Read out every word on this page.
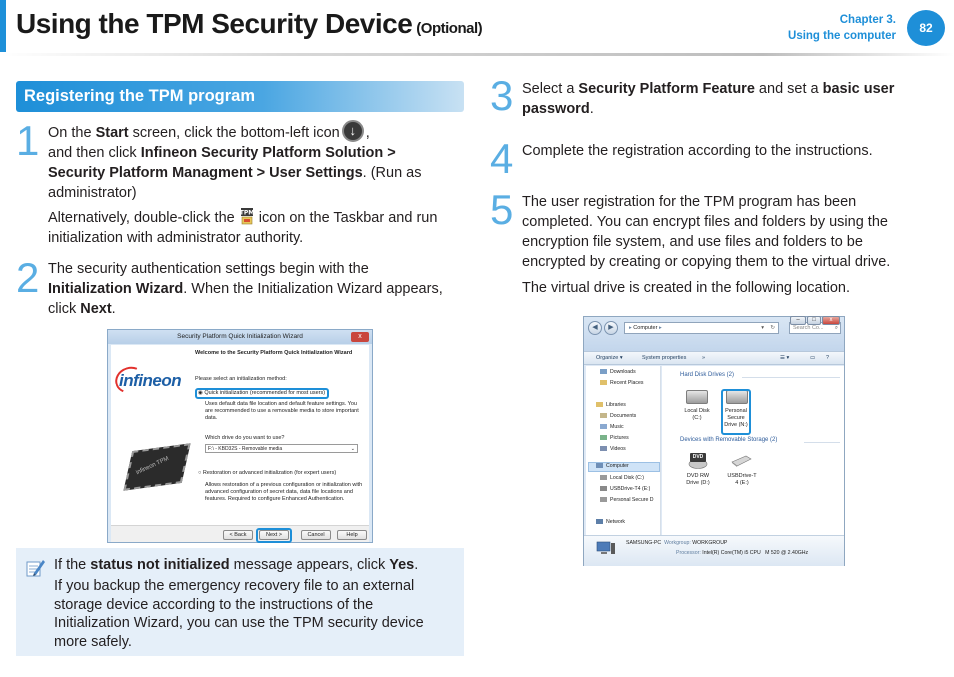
Using the TPM Security Device (Optional)	Chapter 3.
Using the computer
82
Registering the TPM program
1 On the Start screen, click the bottom-left icon↓ ,
and then click Infineon Security Platform Solution > Security Platform Managment > User Settings. (Run as administrator)
Alternatively, double-click the TPM icon on the Taskbar and run initialization with administrator authority.
2 The security authentication settings begin with the Initialization Wizard. When the Initialization Wizard appears, click Next.
Security Platform Quick Initialization Wizard	x
infineon
infineon TPM
Welcome to the Security Platform Quick Initialization Wizard
Please select an initialization method:
◉ Quick initialization (recommended for most users)
Uses default data file location and default feature settings. You are recommended to use a removable media to store important data.
Which drive do you want to use?
F:\ - KBD32S - Removable media	⌄
○ Restoration or advanced initialization (for expert users)
Allows restoration of a previous configuration or initialization with advanced configuration of secret data, data file locations and features. Required to configure Enhanced Authentication.
< Back	Next >	Cancel	Help
If the status not initialized message appears, click Yes.
If you backup the emergency recovery file to an external storage device according to the instructions of the Initialization Wizard, you can use the TPM security device more safely.
3 Select a Security Platform Feature and set a basic user password.
4 Complete the registration according to the instructions.
5 The user registration for the TPM program has been completed. You can encrypt files and folders by using the encryption file system, and use files and folders to be encrypted by creating or copying them to the virtual drive.
The virtual drive is created in the following location.
◀	▶	▸ Computer ▸	▾ ↻	Search Co... ⌕
–	□	x
Organize ▾	System properties	»	☰ ▾	▭ ?
Downloads
Recent Places
Libraries
Documents
Music
Pictures
Videos
Computer
Local Disk (C:)
USBDrive-T4 (E:)
Personal Secure D
Network
Hard Disk Drives (2)
Local Disk
(C:)
Personal
Secure
Drive (N:)
Devices with Removable Storage (2)
DVD
DVD RW
Drive (D:)
USBDrive-T
4 (E:)
SAMSUNG-PC Workgroup: WORKGROUP
Processor: Intel(R) Core(TM) i5 CPU M 520 @ 2.40GHz
